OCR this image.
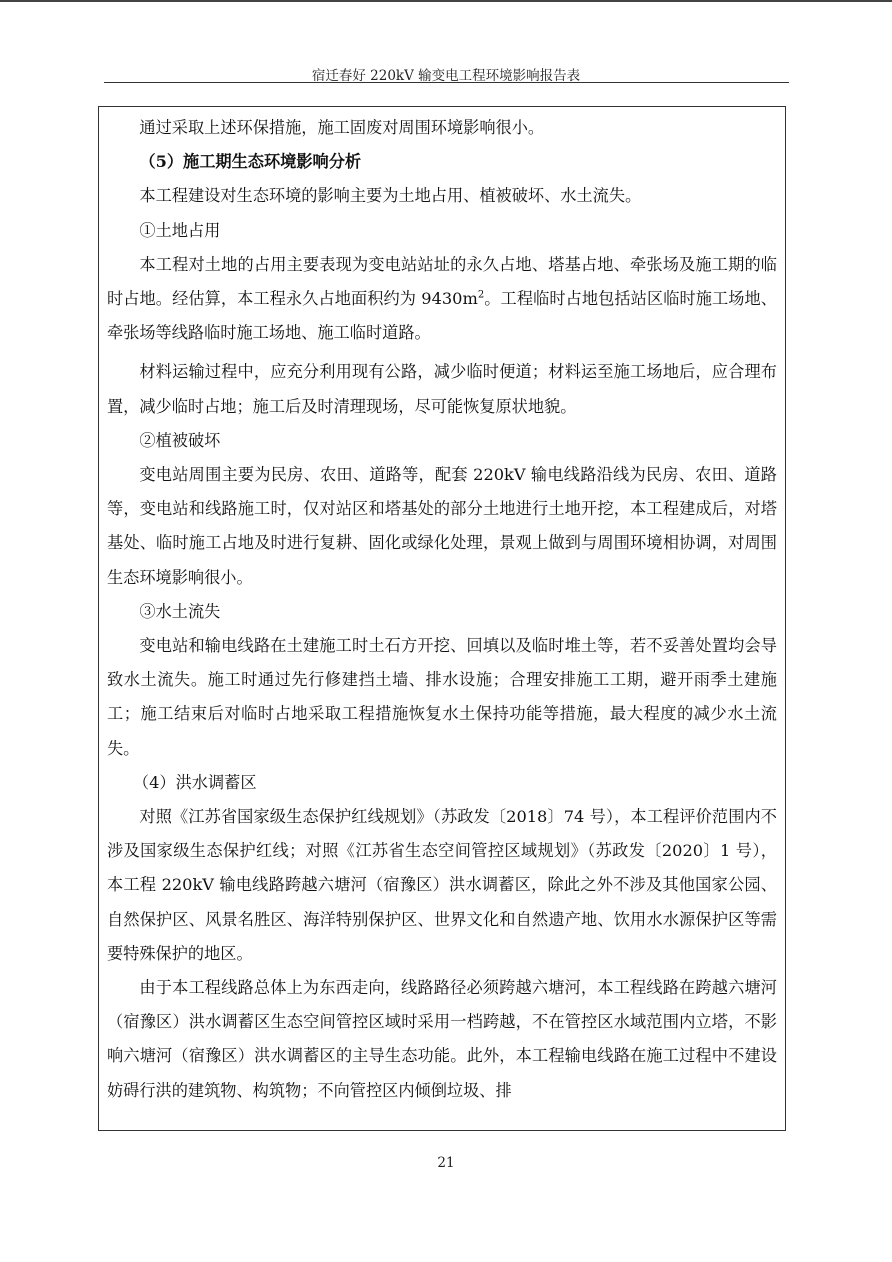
宿迁春好 220kV 输变电工程环境影响报告表

通过采取上述环保措施，施工固废对周围环境影响很小。

（5）施工期生态环境影响分析

本工程建设对生态环境的影响主要为土地占用、植被破坏、水土流失。

①土地占用

本工程对土地的占用主要表现为变电站站址的永久占地、塔基占地、牵张场及施工期的临时占地。经估算，本工程永久占地面积约为 $9430m^2$。工程临时占地包括站区临时施工场地、牵张场等线路临时施工场地、施工临时道路。

材料运输过程中，应充分利用现有公路，减少临时便道；材料运至施工场地后，应合理布置，减少临时占地；施工后及时清理现场，尽可能恢复原状地貌。

②植被破坏

变电站周围主要为民房、农田、道路等，配套 220kV 输电线路沿线为民房、农田、道路等，变电站和线路施工时，仅对站区和塔基处的部分土地进行土地开挖，本工程建成后，对塔基处、临时施工占地及时进行复耕、固化或绿化处理，景观上做到与周围环境相协调，对周围生态环境影响很小。

③水土流失

变电站和输电线路在土建施工时土石方开挖、回填以及临时堆土等，若不妥善处置均会导致水土流失。施工时通过先行修建挡土墙、排水设施；合理安排施工工期，避开雨季土建施工；施工结束后对临时占地采取工程措施恢复水土保持功能等措施，最大程度的减少水土流失。

（4）洪水调蓄区

对照《江苏省国家级生态保护红线规划》（苏政发〔2018〕74 号），本工程评价范围内不涉及国家级生态保护红线；对照《江苏省生态空间管控区域规划》（苏政发〔2020〕1 号），本工程 220kV 输电线路跨越六塘河（宿豫区）洪水调蓄区，除此之外不涉及其他国家公园、自然保护区、风景名胜区、海洋特别保护区、世界文化和自然遗产地、饮用水水源保护区等需要特殊保护的地区。

由于本工程线路总体上为东西走向，线路路径必须跨越六塘河，本工程线路在跨越六塘河（宿豫区）洪水调蓄区生态空间管控区域时采用一档跨越，不在管控区水域范围内立塔，不影响六塘河（宿豫区）洪水调蓄区的主导生态功能。此外，本工程输电线路在施工过程中不建设妨碍行洪的建筑物、构筑物；不向管控区内倾倒垃圾、排

21
